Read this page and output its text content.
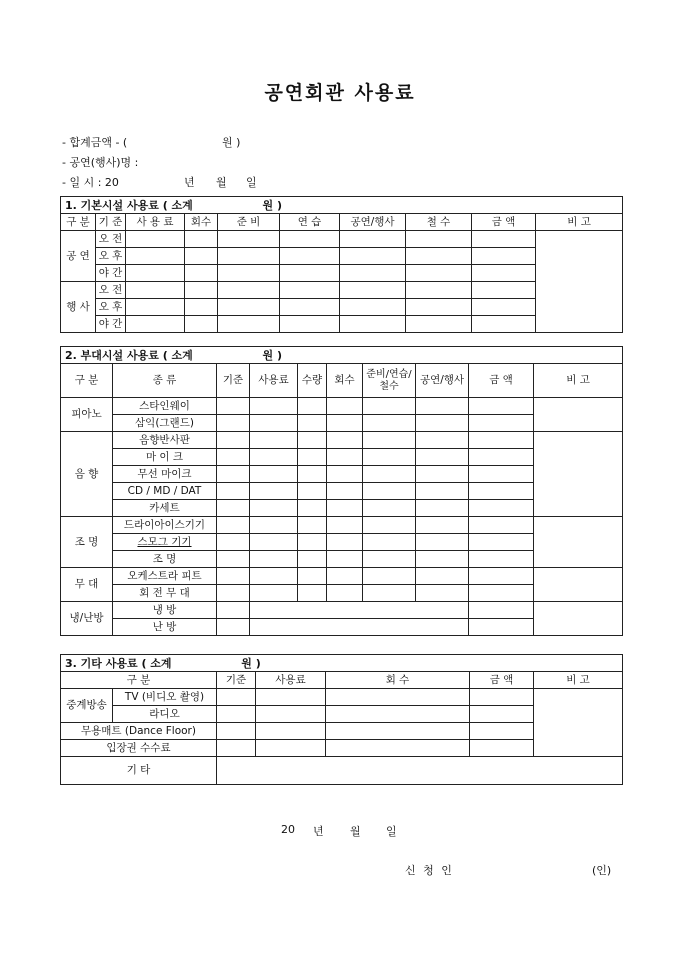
공연회관 사용료
- 합계금액 - (	원 )
- 공연(행사)명 :
- 일 시 : 20	년 월 일
1. 기본시설 사용료 ( 소계 원 )									
구 분	기 준	사 용 료	회수	준 비	연 습	공연/행사	철 수	금 액	비 고
공 연	오 전								
	오 후								
	야 간								
행 사	오 전								
	오 후								
	야 간								
2. 부대시설 사용료 ( 소계 원 )									
구 분	종 류	기준	사용료	수량	회수	준비/연습/철수	공연/행사	금 액	비 고
피아노	스타인웨이								
	삼익(그랜드)								
음 향	음향반사판								
	마 이 크								
	무선 마이크								
	CD / MD / DAT								
	카세트								
조 명	드라이아이스기기								
	스모그 기기								
	조 명								
무 대	오케스트라 피트								
	회 전 무 대								
냉/난방	냉 방								
	난 방								
3. 기타 사용료 ( 소계 원 )						
구 분		기준	사용료	회 수	금 액	비 고
중계방송	TV (비디오 촬영)					
	라디오					
무용매트 (Dance Floor)						
입장권 수수료						
기 타						
20 년 월 일
신 청 인	(인)
